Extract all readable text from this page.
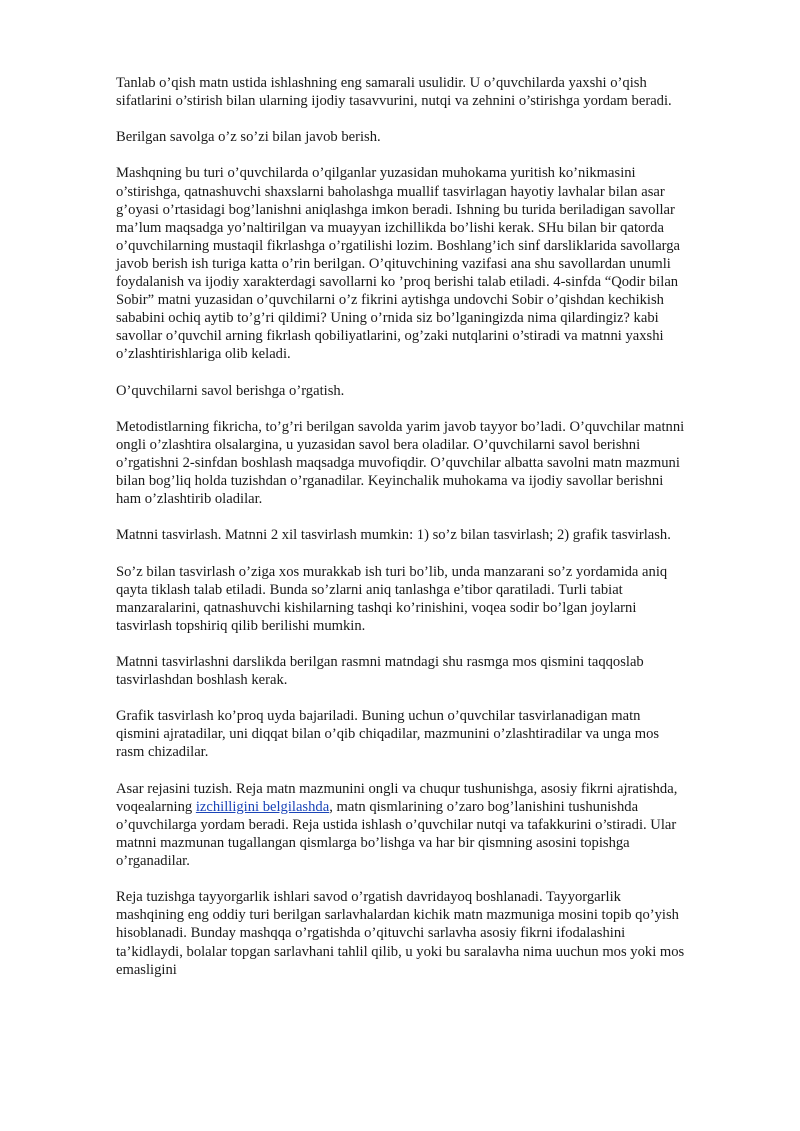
Tanlab o’qish matn ustida ishlashning eng samarali usulidir. U o’quvchilarda yaxshi o’qish
sifatlarini o’stirish bilan ularning ijodiy tasavvurini, nutqi va zehnini o’stirishga yordam beradi.

Berilgan savolga o’z so’zi bilan javob berish.

Mashqning bu turi o’quvchilarda o’qilganlar yuzasidan muhokama yuritish ko’nikmasini
o’stirishga, qatnashuvchi shaxslarni baholashga muallif tasvirlagan hayotiy lavhalar bilan asar
g’oyasi o’rtasidagi bog’lanishni aniqlashga imkon beradi. Ishning bu turida beriladigan savollar
ma’lum maqsadga yo’naltirilgan va muayyan izchillikda bo’lishi kerak. SHu bilan bir qatorda
o’quvchilarning mustaqil fikrlashga o’rgatilishi lozim. Boshlang’ich sinf darsliklarida savollarga
javob berish ish turiga katta o’rin berilgan. O’qituvchining vazifasi ana shu savollardan unumli
foydalanish va ijodiy xarakterdagi savollarni ko ’proq berishi talab etiladi. 4-sinfda “Qodir bilan
Sobir” matni yuzasidan o’quvchilarni o’z fikrini aytishga undovchi Sobir o’qishdan kechikish
sababini ochiq aytib to’g’ri qildimi? Uning o’rnida siz bo’lganingizda nima qilardingiz? kabi
savollar o’quvchil arning fikrlash qobiliyatlarini, og’zaki nutqlarini o’stiradi va matnni yaxshi
o’zlashtirishlariga olib keladi.

O’quvchilarni savol berishga o’rgatish.

Metodistlarning fikricha, to’g’ri berilgan savolda yarim javob tayyor bo’ladi. O’quvchilar matnni
ongli o’zlashtira olsalargina, u yuzasidan savol bera oladilar. O’quvchilarni savol berishni
o’rgatishni 2-sinfdan boshlash maqsadga muvofiqdir. O’quvchilar albatta savolni matn mazmuni
bilan bog’liq holda tuzishdan o’rganadilar. Keyinchalik muhokama va ijodiy savollar berishni
ham o’zlashtirib oladilar.

Matnni tasvirlash. Matnni 2 xil tasvirlash mumkin: 1) so’z bilan tasvirlash; 2) grafik tasvirlash.

So’z bilan tasvirlash o’ziga xos murakkab ish turi bo’lib, unda manzarani so’z yordamida aniq
qayta tiklash talab etiladi. Bunda so’zlarni aniq tanlashga e’tibor qaratiladi. Turli tabiat
manzaralarini, qatnashuvchi kishilarning tashqi ko’rinishini, voqea sodir bo’lgan joylarni
tasvirlash topshiriq qilib berilishi mumkin.

Matnni tasvirlashni darslikda berilgan rasmni matndagi shu rasmga mos qismini taqqoslab
tasvirlashdan boshlash kerak.

Grafik tasvirlash ko’proq uyda bajariladi. Buning uchun o’quvchilar tasvirlanadigan matn
qismini ajratadilar, uni diqqat bilan o’qib chiqadilar, mazmunini o’zlashtiradilar va unga mos
rasm chizadilar.

Asar rejasini tuzish. Reja matn mazmunini ongli va chuqur tushunishga, asosiy fikrni ajratishda,
voqealarning izchilligini belgilashda, matn qismlarining o’zaro bog’lanishini tushunishda
o’quvchilarga yordam beradi. Reja ustida ishlash o’quvchilar nutqi va tafakkurini o’stiradi. Ular
matnni mazmunan tugallangan qismlarga bo’lishga va har bir qismning asosini topishga
o’rganadilar.

Reja tuzishga tayyorgarlik ishlari savod o’rgatish davridayoq boshlanadi. Tayyorgarlik
mashqining eng oddiy turi berilgan sarlavhalardan kichik matn mazmuniga mosini topib qo’yish
hisoblanadi. Bunday mashqqa o’rgatishda o’qituvchi sarlavha asosiy fikrni ifodalashini
ta’kidlaydi, bolalar topgan sarlavhani tahlil qilib, u yoki bu saralavha nima uuchun mos yoki mos
emasligini
